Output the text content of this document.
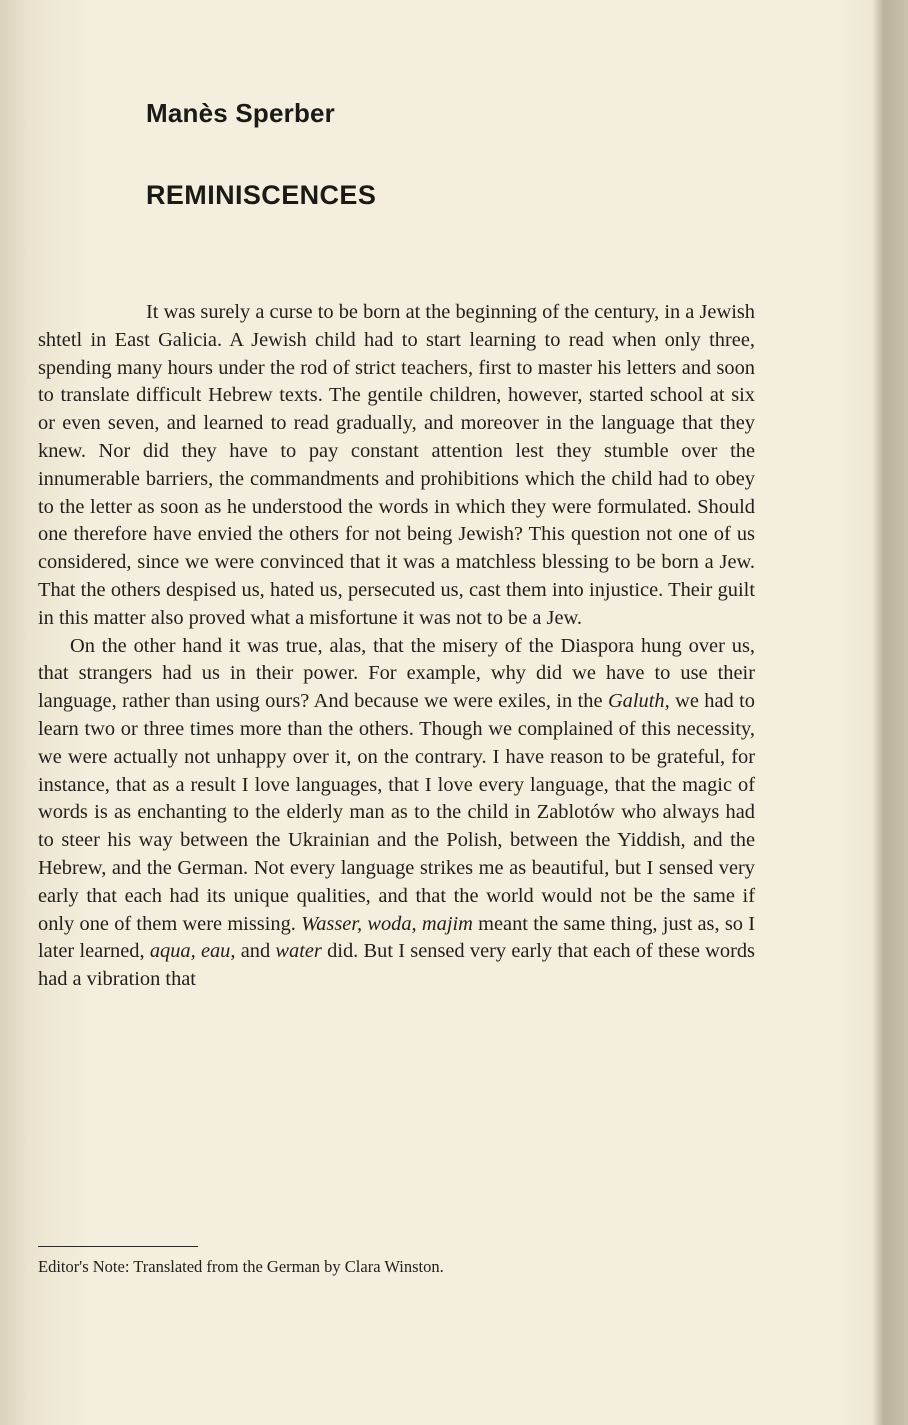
Manès Sperber
REMINISCENCES

It was surely a curse to be born at the beginning of the century, in a Jewish shtetl in East Galicia. A Jewish child had to start learning to read when only three, spending many hours under the rod of strict teachers, first to master his letters and soon to translate difficult Hebrew texts. The gentile children, however, started school at six or even seven, and learned to read gradually, and moreover in the language that they knew. Nor did they have to pay constant attention lest they stumble over the innumerable barriers, the commandments and prohibitions which the child had to obey to the letter as soon as he understood the words in which they were formulated. Should one therefore have envied the others for not being Jewish? This question not one of us considered, since we were convinced that it was a matchless blessing to be born a Jew. That the others despised us, hated us, persecuted us, cast them into injustice. Their guilt in this matter also proved what a misfortune it was not to be a Jew.

On the other hand it was true, alas, that the misery of the Diaspora hung over us, that strangers had us in their power. For example, why did we have to use their language, rather than using ours? And because we were exiles, in the Galuth, we had to learn two or three times more than the others. Though we complained of this necessity, we were actually not unhappy over it, on the contrary. I have reason to be grateful, for instance, that as a result I love languages, that I love every language, that the magic of words is as enchanting to the elderly man as to the child in Zablotów who always had to steer his way between the Ukrainian and the Polish, between the Yiddish, and the Hebrew, and the German. Not every language strikes me as beautiful, but I sensed very early that each had its unique qualities, and that the world would not be the same if only one of them were missing. Wasser, woda, majim meant the same thing, just as, so I later learned, aqua, eau, and water did. But I sensed very early that each of these words had a vibration that

Editor's Note: Translated from the German by Clara Winston.
